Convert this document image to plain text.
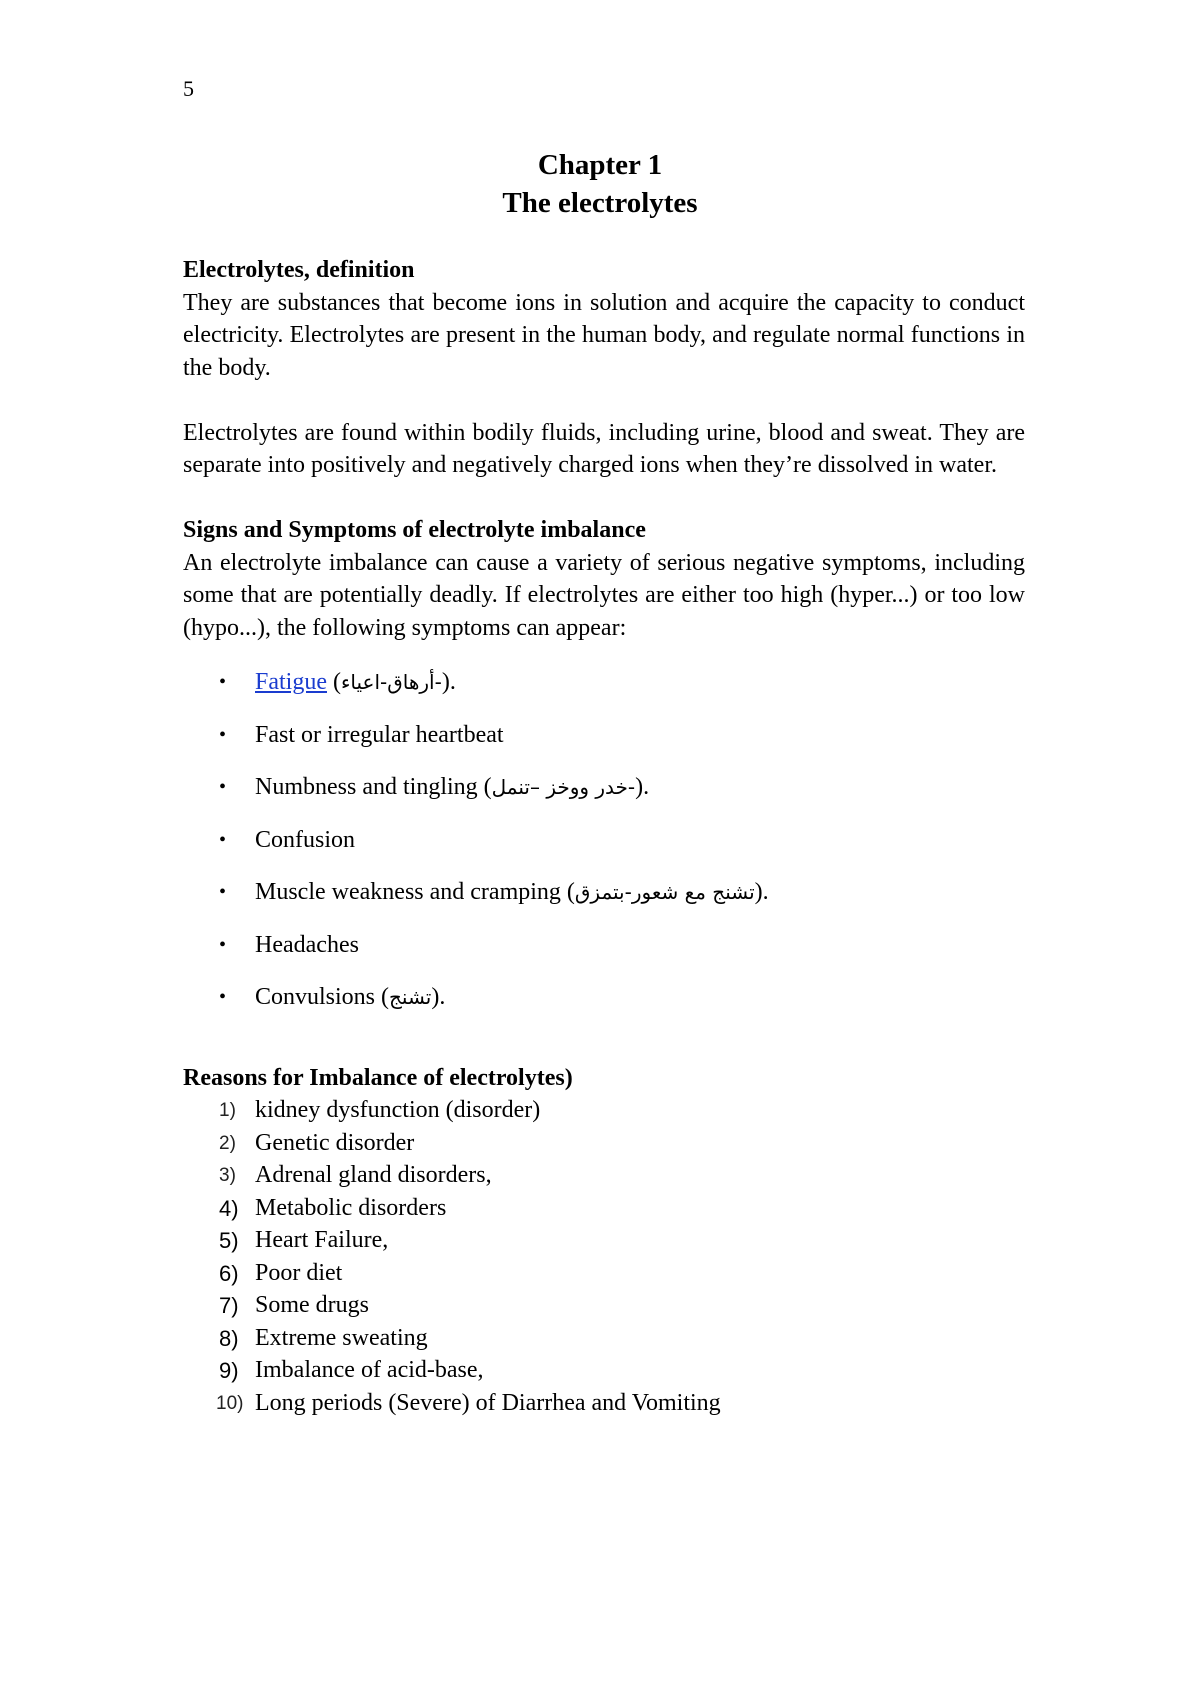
5
Chapter 1
The electrolytes

Electrolytes, definition

They are substances that become ions in solution and acquire the capacity to conduct electricity. Electrolytes are present in the human body, and regulate normal functions in the body.

Electrolytes are found within bodily fluids, including urine, blood and sweat. They are separate into positively and negatively charged ions when they’re dissolved in water.

Signs and Symptoms of electrolyte imbalance

An electrolyte imbalance can cause a variety of serious negative symptoms, including some that are potentially deadly. If electrolytes are either too high (hyper...) or too low (hypo...), the following symptoms can appear:

• Fatigue (-أرهاق-اعياء).
• Fast or irregular heartbeat
• Numbness and tingling (-خدر ووخز –تنمل).
• Confusion
• Muscle weakness and cramping (تشنج مع شعور-بتمزق).
• Headaches
• Convulsions (تشنج).

Reasons for Imbalance of electrolytes)

1) kidney dysfunction (disorder)
2) Genetic disorder
3) Adrenal gland disorders,
4) Metabolic disorders
5) Heart Failure,
6) Poor diet
7) Some drugs
8) Extreme sweating
9) Imbalance of acid-base,
10) Long periods (Severe) of Diarrhea and Vomiting
